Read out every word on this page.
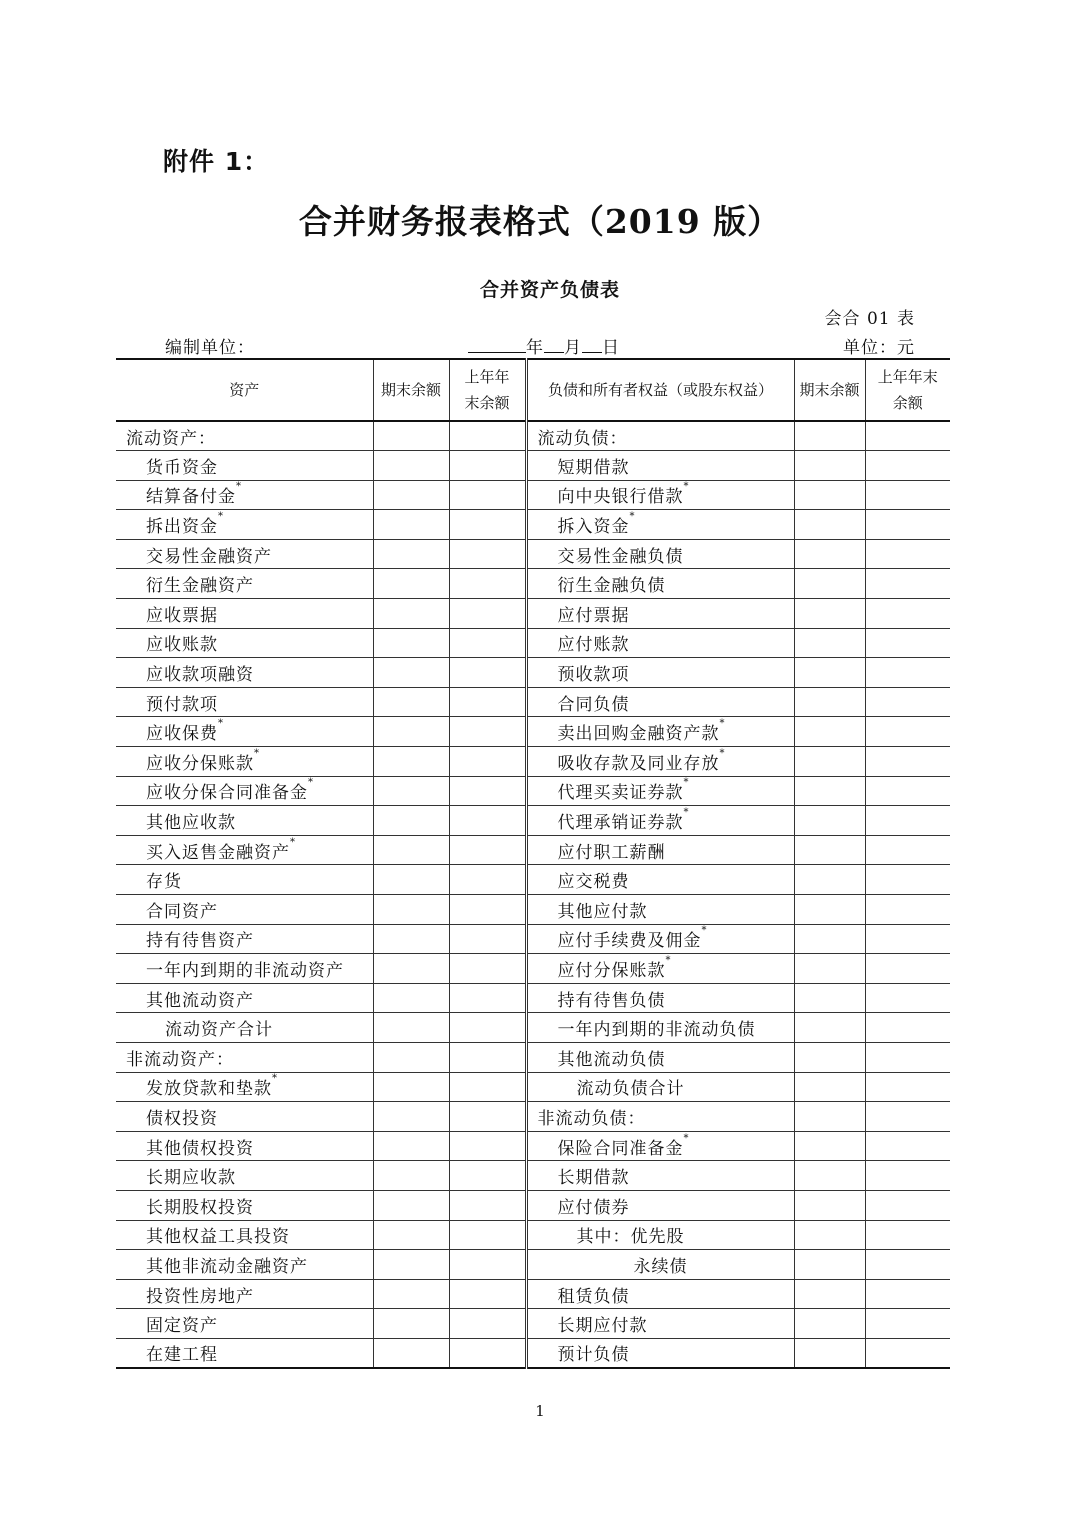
附件 1：
合并财务报表格式（2019 版）
合并资产负债表
会合 01 表
编制单位：	年 月 日	单位：元
资产	期末余额	上年年末余额	负债和所有者权益（或股东权益）	期末余额	上年年末余额
流动资产：			流动负债：		
货币资金			短期借款		
结算备付金*			向中央银行借款*		
拆出资金*			拆入资金*		
交易性金融资产			交易性金融负债		
衍生金融资产			衍生金融负债		
应收票据			应付票据		
应收账款			应付账款		
应收款项融资			预收款项		
预付款项			合同负债		
应收保费*			卖出回购金融资产款*		
应收分保账款*			吸收存款及同业存放*		
应收分保合同准备金*			代理买卖证券款*		
其他应收款			代理承销证券款*		
买入返售金融资产*			应付职工薪酬		
存货			应交税费		
合同资产			其他应付款		
持有待售资产			应付手续费及佣金*		
一年内到期的非流动资产			应付分保账款*		
其他流动资产			持有待售负债		
流动资产合计			一年内到期的非流动负债		
非流动资产：			其他流动负债		
发放贷款和垫款*			流动负债合计		
债权投资			非流动负债：		
其他债权投资			保险合同准备金*		
长期应收款			长期借款		
长期股权投资			应付债券		
其他权益工具投资			其中：优先股		
其他非流动金融资产			永续债		
投资性房地产			租赁负债		
固定资产			长期应付款		
在建工程			预计负债		
1
